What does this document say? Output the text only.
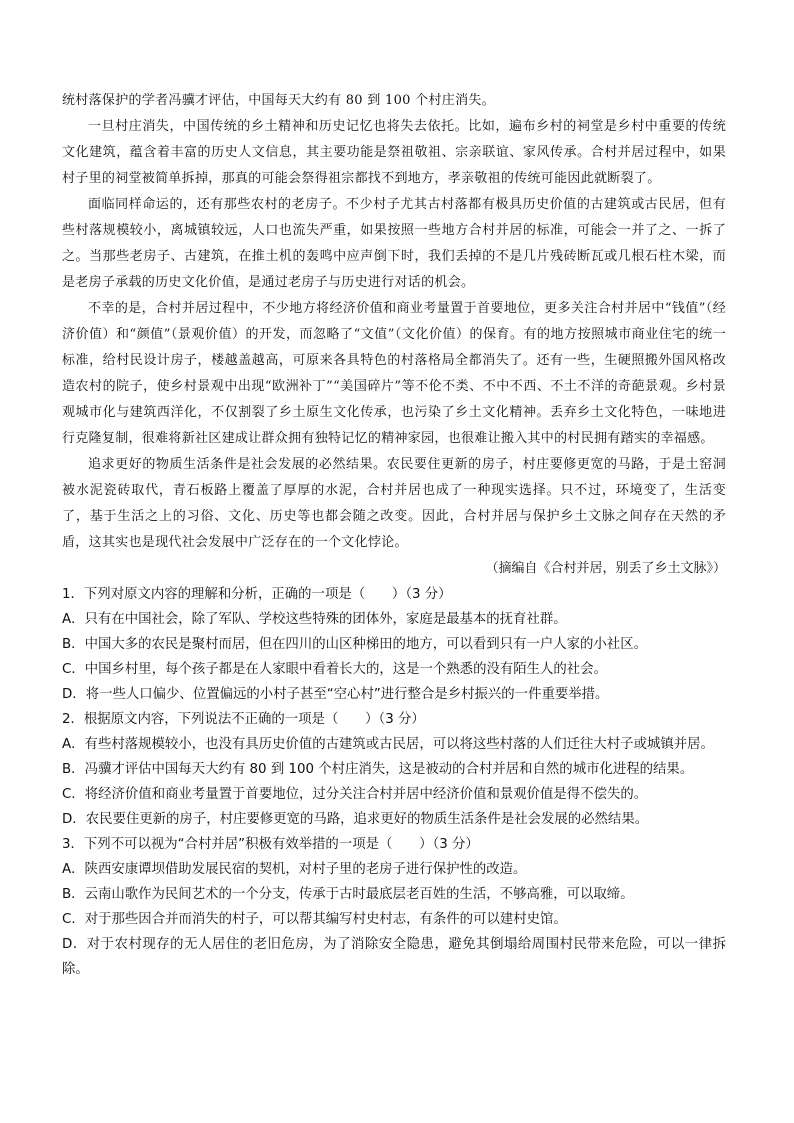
统村落保护的学者冯骥才评估，中国每天大约有 80 到 100 个村庄消失。

一旦村庄消失，中国传统的乡土精神和历史记忆也将失去依托。比如，遍布乡村的祠堂是乡村中重要的传统文化建筑，蕴含着丰富的历史人文信息，其主要功能是祭祖敬祖、宗亲联谊、家风传承。合村并居过程中，如果村子里的祠堂被简单拆掉，那真的可能会祭得祖宗都找不到地方，孝亲敬祖的传统可能因此就断裂了。

面临同样命运的，还有那些农村的老房子。不少村子尤其古村落都有极具历史价值的古建筑或古民居，但有些村落规模较小，离城镇较远，人口也流失严重，如果按照一些地方合村并居的标准，可能会一并了之、一拆了之。当那些老房子、古建筑，在推土机的轰鸣中应声倒下时，我们丢掉的不是几片残砖断瓦或几根石柱木梁，而是老房子承载的历史文化价值，是通过老房子与历史进行对话的机会。

不幸的是，合村并居过程中，不少地方将经济价值和商业考量置于首要地位，更多关注合村并居中“钱值”（经济价值）和“颜值”（景观价值）的开发，而忽略了“文值”（文化价值）的保育。有的地方按照城市商业住宅的统一标准，给村民设计房子，楼越盖越高，可原来各具特色的村落格局全都消失了。还有一些，生硬照搬外国风格改造农村的院子，使乡村景观中出现“欧洲补丁”“美国碎片”等不伦不类、不中不西、不土不洋的奇葩景观。乡村景观城市化与建筑西洋化，不仅割裂了乡土原生文化传承，也污染了乡土文化精神。丢弃乡土文化特色，一味地进行克隆复制，很难将新社区建成让群众拥有独特记忆的精神家园，也很难让搬入其中的村民拥有踏实的幸福感。

追求更好的物质生活条件是社会发展的必然结果。农民要住更新的房子，村庄要修更宽的马路，于是土窑洞被水泥瓷砖取代，青石板路上覆盖了厚厚的水泥，合村并居也成了一种现实选择。只不过，环境变了，生活变了，基于生活之上的习俗、文化、历史等也都会随之改变。因此，合村并居与保护乡土文脉之间存在天然的矛盾，这其实也是现代社会发展中广泛存在的一个文化悖论。

（摘编自《合村并居，别丢了乡土文脉》）

1．下列对原文内容的理解和分析，正确的一项是（　　）（3 分）

A．只有在中国社会，除了军队、学校这些特殊的团体外，家庭是最基本的抚育社群。

B．中国大多的农民是聚村而居，但在四川的山区种梯田的地方，可以看到只有一户人家的小社区。

C．中国乡村里，每个孩子都是在人家眼中看着长大的，这是一个熟悉的没有陌生人的社会。

D．将一些人口偏少、位置偏远的小村子甚至“空心村”进行整合是乡村振兴的一件重要举措。

2．根据原文内容，下列说法不正确的一项是（　　）（3 分）

A．有些村落规模较小，也没有具历史价值的古建筑或古民居，可以将这些村落的人们迁往大村子或城镇并居。

B．冯骥才评估中国每天大约有 80 到 100 个村庄消失，这是被动的合村并居和自然的城市化进程的结果。

C．将经济价值和商业考量置于首要地位，过分关注合村并居中经济价值和景观价值是得不偿失的。

D．农民要住更新的房子，村庄要修更宽的马路，追求更好的物质生活条件是社会发展的必然结果。

3．下列不可以视为“合村并居”积极有效举措的一项是（　　）（3 分）

A．陕西安康谭坝借助发展民宿的契机，对村子里的老房子进行保护性的改造。

B．云南山歌作为民间艺术的一个分支，传承于古时最底层老百姓的生活，不够高雅，可以取缔。

C．对于那些因合并而消失的村子，可以帮其编写村史村志，有条件的可以建村史馆。

D．对于农村现存的无人居住的老旧危房，为了消除安全隐患，避免其倒塌给周围村民带来危险，可以一律拆除。
